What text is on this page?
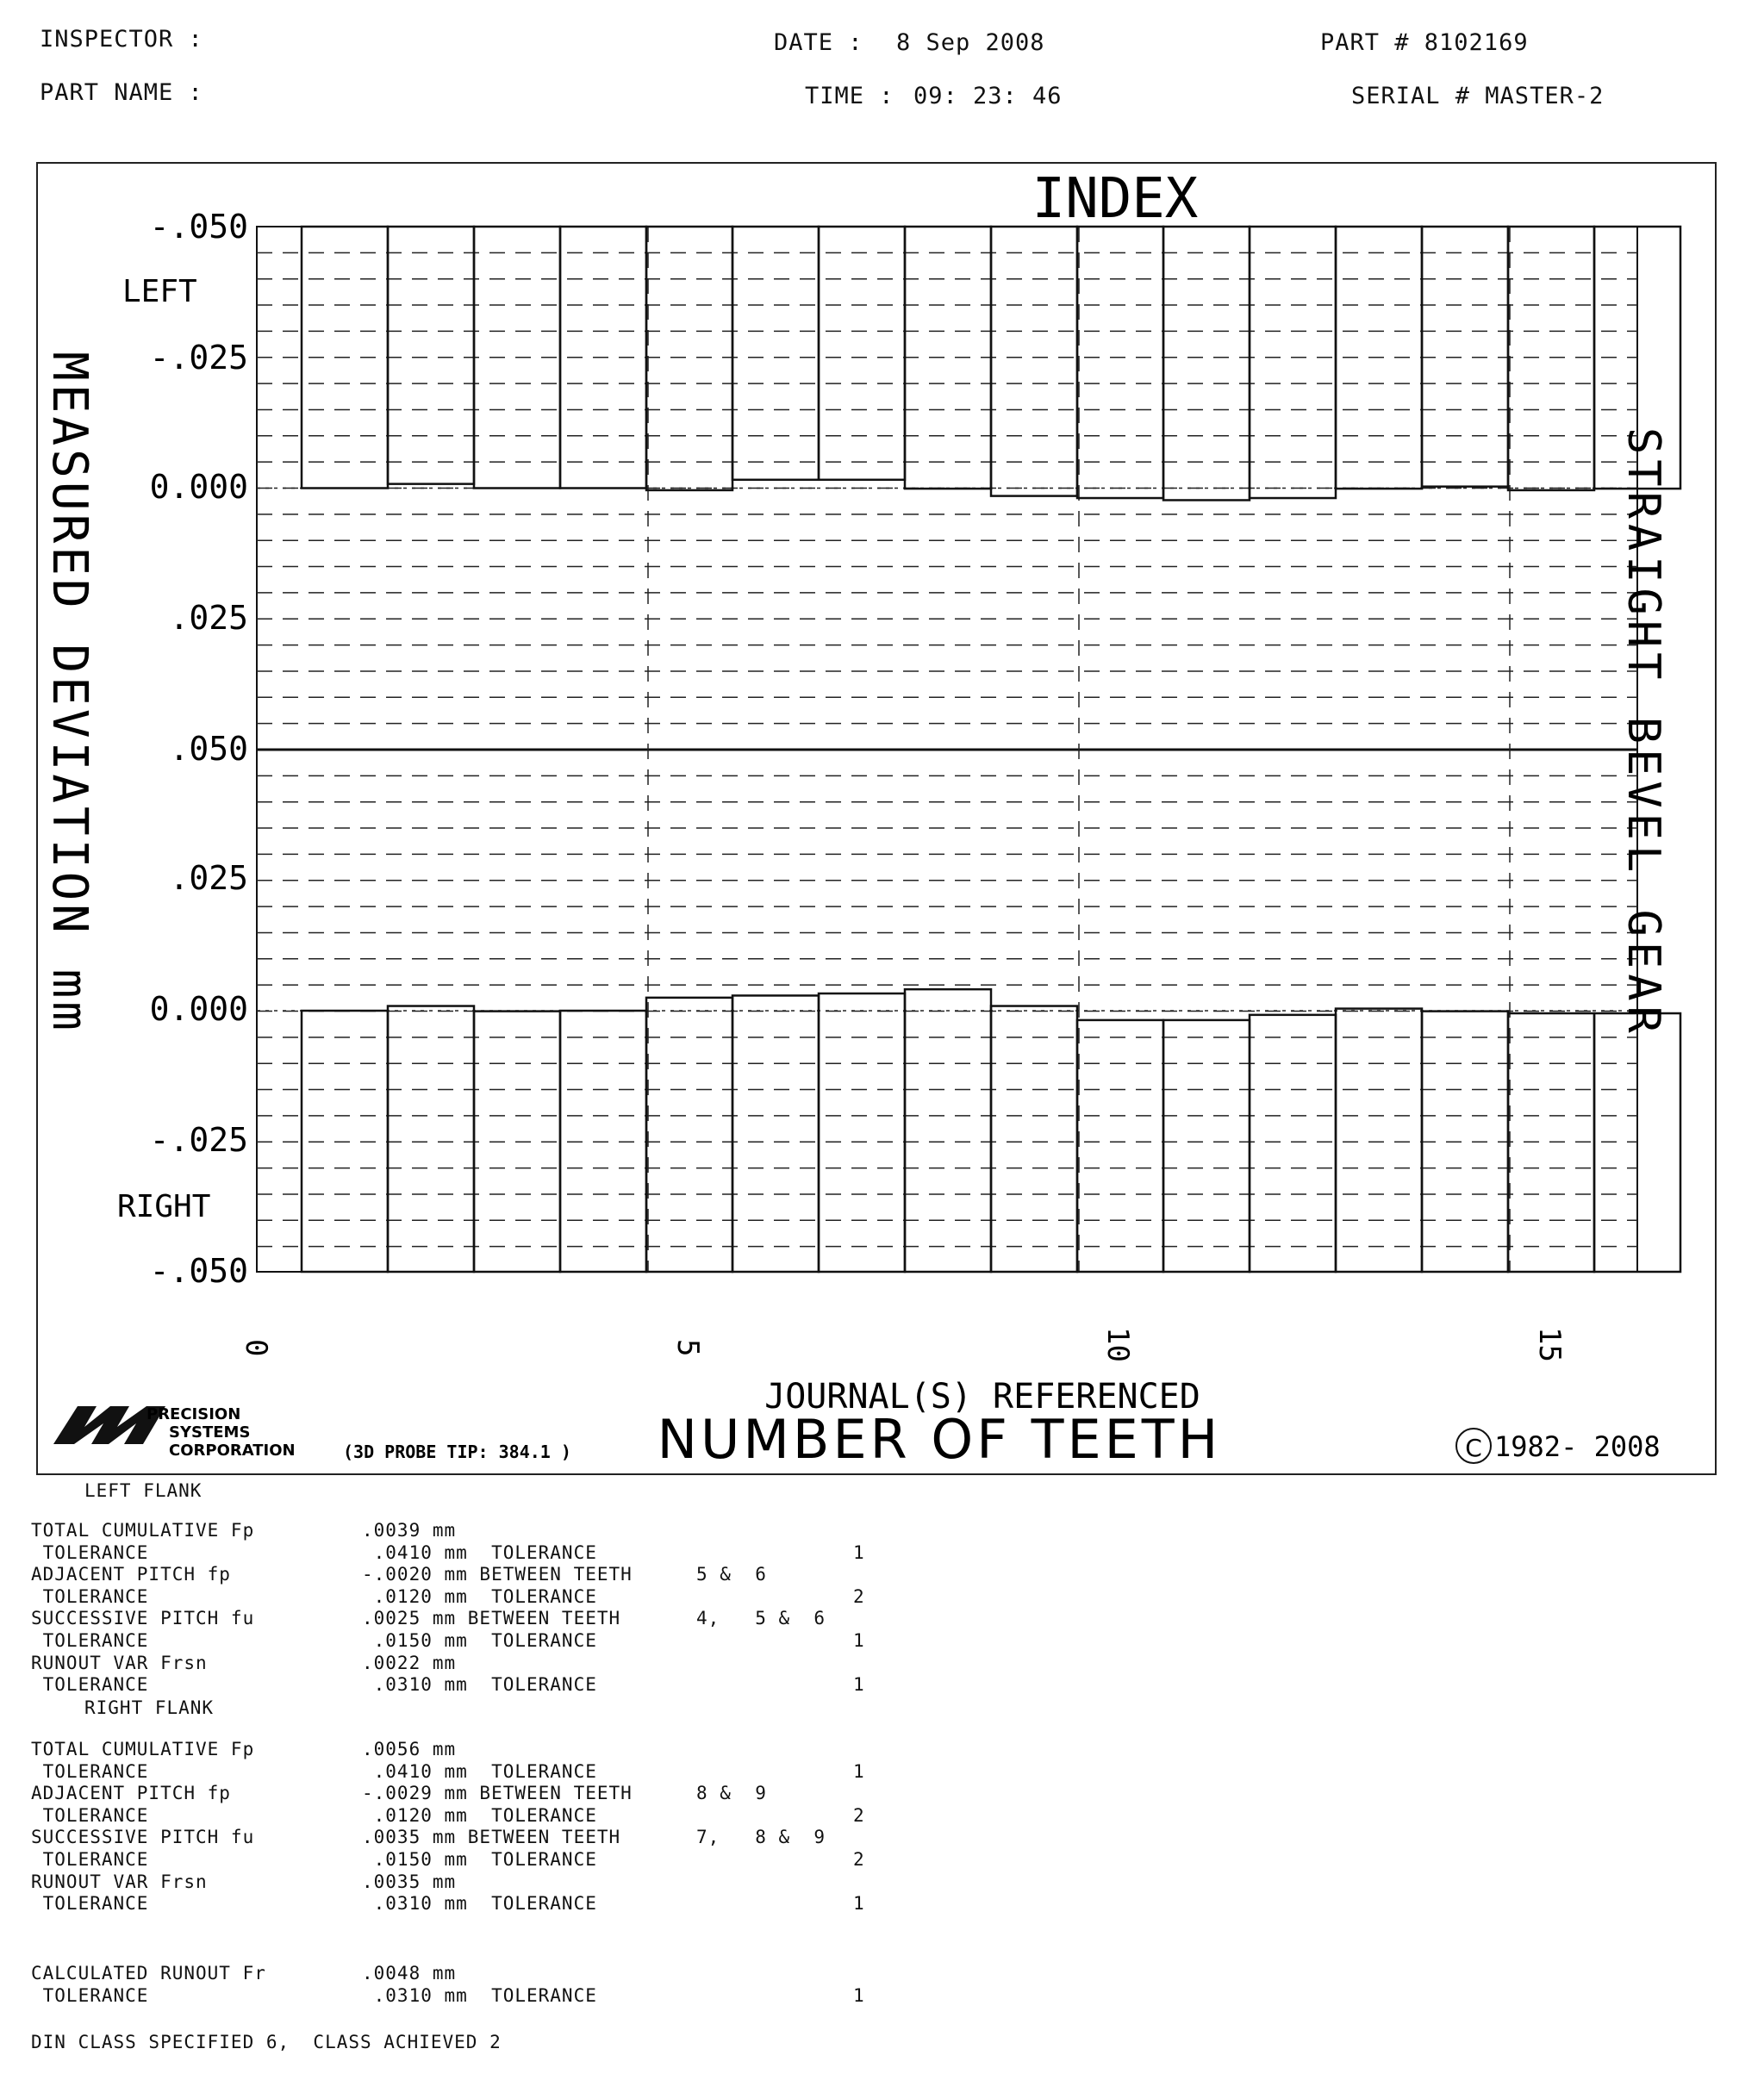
INSPECTOR :
PART NAME :
DATE : 8 Sep 2008
TIME : 09: 23: 46
PART # 8102169
SERIAL # MASTER-2
INDEX
LEFT
RIGHT
-.050
-.025
0.000
.025
.050
.025
0.000
-.025
-.050
MEASURED DEVIATION mm	STRAIGHT BEVEL GEAR
0	5	10	15
JOURNAL(S) REFERENCED
NUMBER OF TEETH
PRECISION
SYSTEMS
CORPORATION	(3D PROBE TIP: 384.1 )	C 1982- 2008
LEFT FLANK
TOTAL CUMULATIVE Fp	.0039 mm
TOLERANCE	.0410 mm  TOLERANCE	1
ADJACENT PITCH fp	-.0020 mm BETWEEN TEETH	5 &  6
TOLERANCE	.0120 mm  TOLERANCE	2
SUCCESSIVE PITCH fu	.0025 mm BETWEEN TEETH	4,   5 &  6
TOLERANCE	.0150 mm  TOLERANCE	1
RUNOUT VAR Frsn	.0022 mm
TOLERANCE	.0310 mm  TOLERANCE	1
RIGHT FLANK
TOTAL CUMULATIVE Fp	.0056 mm
TOLERANCE	.0410 mm  TOLERANCE	1
ADJACENT PITCH fp	-.0029 mm BETWEEN TEETH	8 &  9
TOLERANCE	.0120 mm  TOLERANCE	2
SUCCESSIVE PITCH fu	.0035 mm BETWEEN TEETH	7,   8 &  9
TOLERANCE	.0150 mm  TOLERANCE	2
RUNOUT VAR Frsn	.0035 mm
TOLERANCE	.0310 mm  TOLERANCE	1
CALCULATED RUNOUT Fr	.0048 mm
TOLERANCE	.0310 mm  TOLERANCE	1
DIN CLASS SPECIFIED 6,  CLASS ACHIEVED 2
